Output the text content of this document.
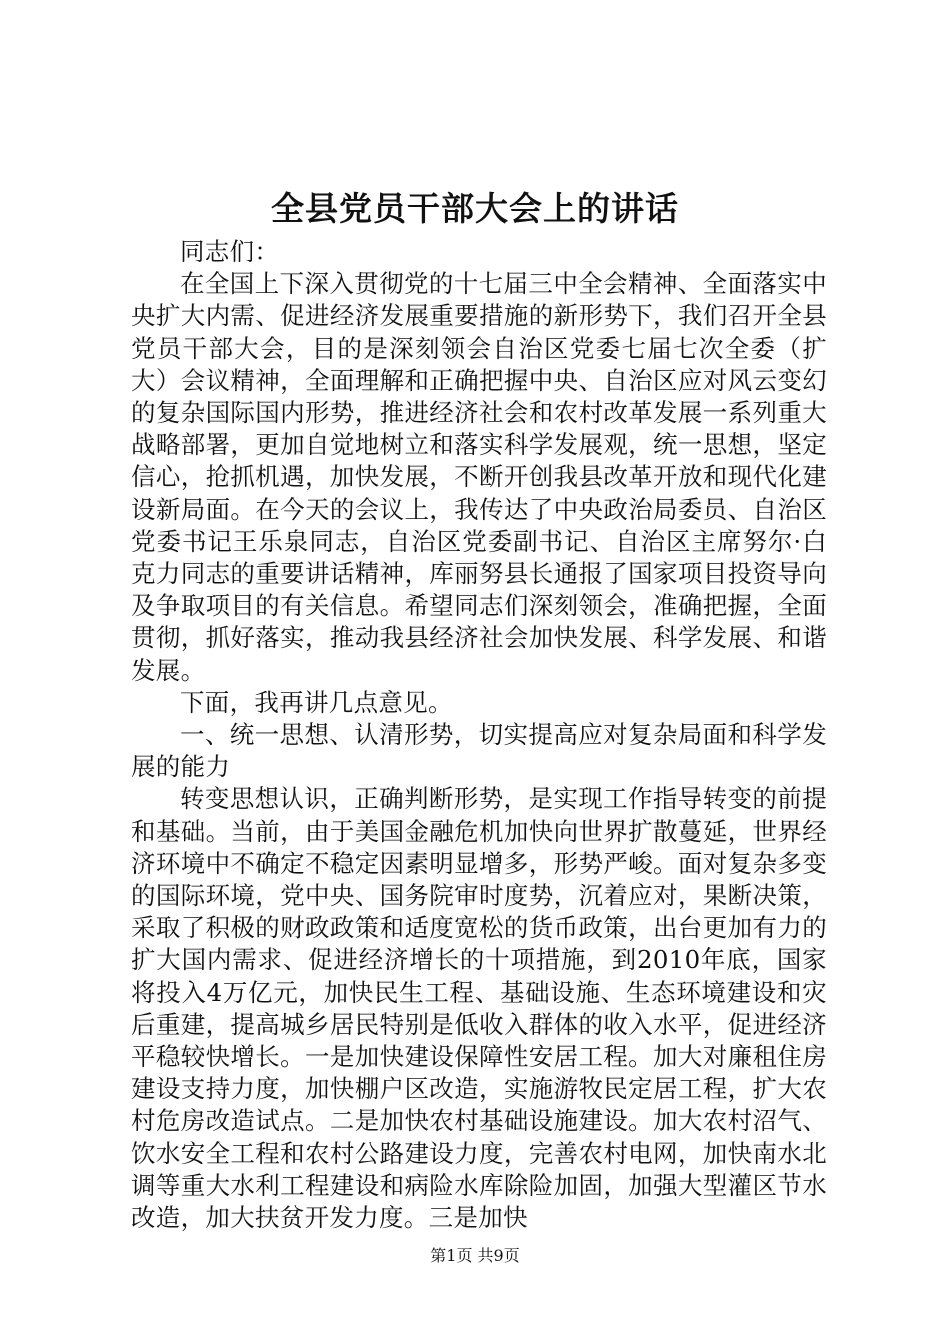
全县党员干部大会上的讲话

同志们：

在全国上下深入贯彻党的十七届三中全会精神、全面落实中央扩大内需、促进经济发展重要措施的新形势下，我们召开全县党员干部大会，目的是深刻领会自治区党委七届七次全委（扩大）会议精神，全面理解和正确把握中央、自治区应对风云变幻的复杂国际国内形势，推进经济社会和农村改革发展一系列重大战略部署，更加自觉地树立和落实科学发展观，统一思想，坚定信心，抢抓机遇，加快发展，不断开创我县改革开放和现代化建设新局面。在今天的会议上，我传达了中央政治局委员、自治区党委书记王乐泉同志，自治区党委副书记、自治区主席努尔·白克力同志的重要讲话精神，库丽努县长通报了国家项目投资导向及争取项目的有关信息。希望同志们深刻领会，准确把握，全面贯彻，抓好落实，推动我县经济社会加快发展、科学发展、和谐发展。

下面，我再讲几点意见。

一、统一思想、认清形势，切实提高应对复杂局面和科学发展的能力

转变思想认识，正确判断形势，是实现工作指导转变的前提和基础。当前，由于美国金融危机加快向世界扩散蔓延，世界经济环境中不确定不稳定因素明显增多，形势严峻。面对复杂多变的国际环境，党中央、国务院审时度势，沉着应对，果断决策，采取了积极的财政政策和适度宽松的货币政策，出台更加有力的扩大国内需求、促进经济增长的十项措施，到2010年底，国家将投入4万亿元，加快民生工程、基础设施、生态环境建设和灾后重建，提高城乡居民特别是低收入群体的收入水平，促进经济平稳较快增长。一是加快建设保障性安居工程。加大对廉租住房建设支持力度，加快棚户区改造，实施游牧民定居工程，扩大农村危房改造试点。二是加快农村基础设施建设。加大农村沼气、饮水安全工程和农村公路建设力度，完善农村电网，加快南水北调等重大水利工程建设和病险水库除险加固，加强大型灌区节水改造，加大扶贫开发力度。三是加快

第1页 共9页
